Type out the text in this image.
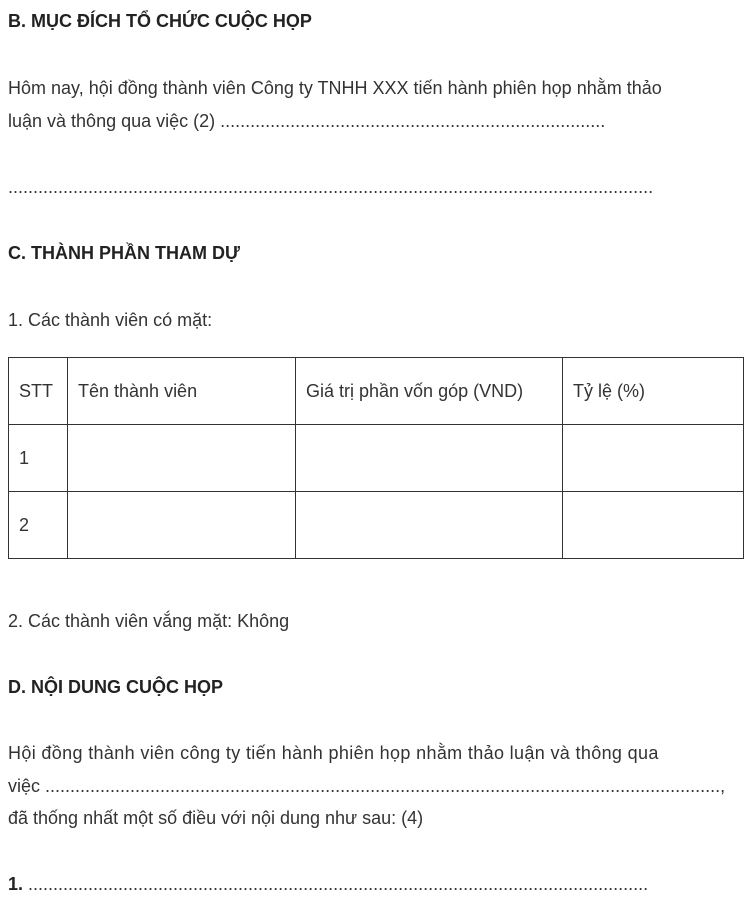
B. MỤC ĐÍCH TỔ CHỨC CUỘC HỌP

Hôm nay, hội đồng thành viên Công ty TNHH XXX tiến hành phiên họp nhằm thảo

luận và thông qua việc (2) .............................................................................

.................................................................................................................................

C. THÀNH PHẦN THAM DỰ

1. Các thành viên có mặt:

STT	Tên thành viên	Giá trị phần vốn góp (VND)	Tỷ lệ (%)
1			
2			

2. Các thành viên vắng mặt: Không

D. NỘI DUNG CUỘC HỌP

Hội đồng thành viên công ty tiến hành phiên họp nhằm thảo luận và thông qua

việc .......................................................................................................................................,

đã thống nhất một số điều với nội dung như sau: (4)

1. ............................................................................................................................
